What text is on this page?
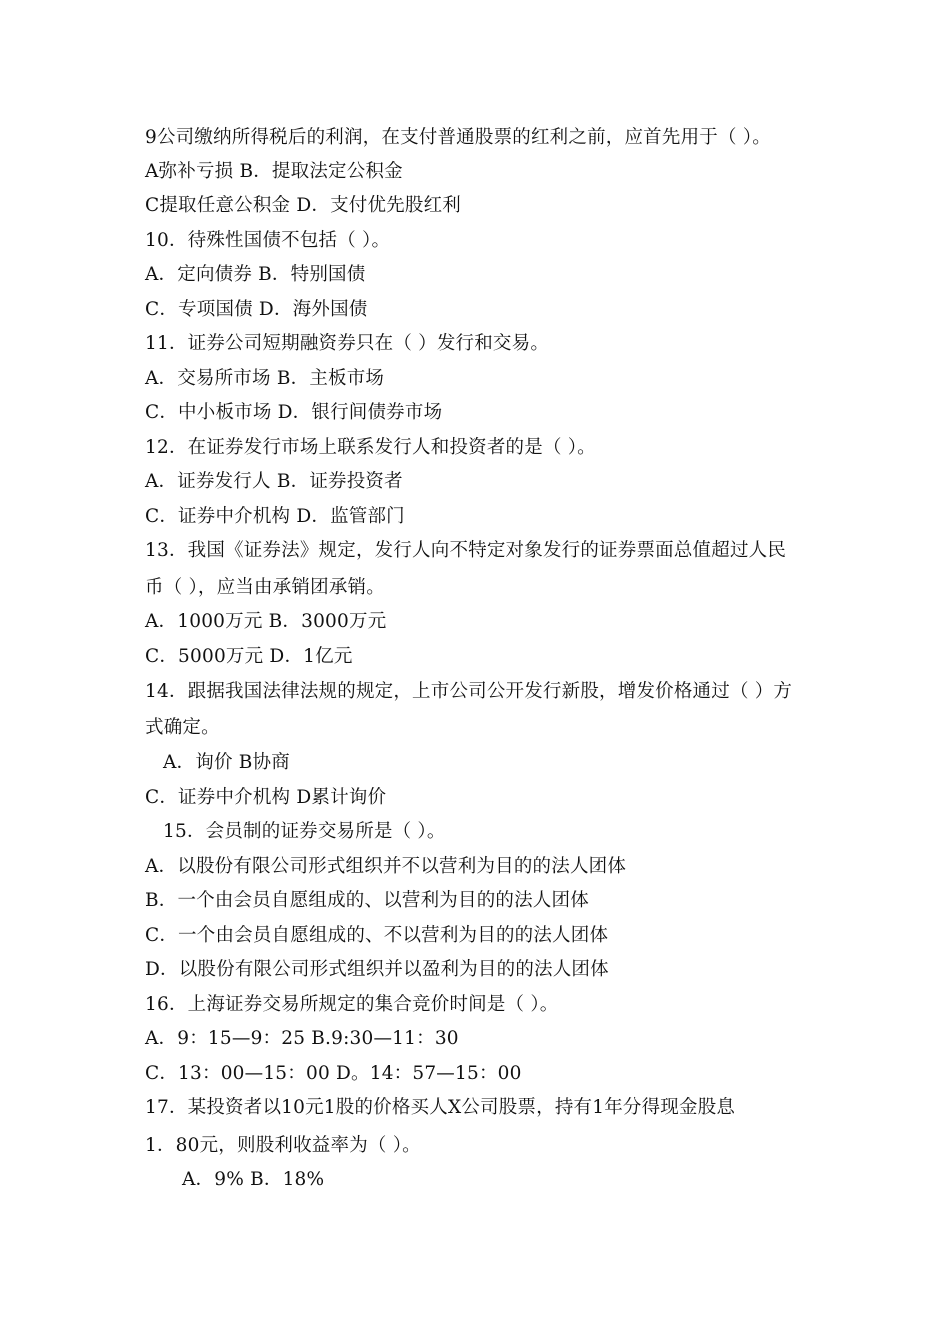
9公司缴纳所得税后的利润，在支付普通股票的红利之前，应首先用于（ ）。
A弥补亏损 B．提取法定公积金
C提取任意公积金 D．支付优先股红利
10．待殊性国债不包括（ ）。
A．定向债券 B．特别国债
C．专项国债 D．海外国债
11．证券公司短期融资券只在（ ）发行和交易。
A．交易所市场 B．主板市场
C．中小板市场 D．银行间债券市场
12．在证券发行市场上联系发行人和投资者的是（ ）。
A．证券发行人 B．证券投资者
C．证券中介机构 D．监管部门
13．我国《证券法》规定，发行人向不特定对象发行的证券票面总值超过人民
币（ ），应当由承销团承销。
A．1000万元 B．3000万元
C．5000万元 D．1亿元
14．跟据我国法律法规的规定，上市公司公开发行新股，增发价格通过（ ）方
式确定。
A．询价 B协商
C．证券中介机构 D累计询价
15．会员制的证券交易所是（ ）。
A．以股份有限公司形式组织并不以营利为目的的法人团体
B．一个由会员自愿组成的、以营利为目的的法人团体
C．一个由会员自愿组成的、不以营利为目的的法人团体
D．以股份有限公司形式组织并以盈利为目的的法人团体
16．上海证券交易所规定的集合竞价时间是（ ）。
A．9：15—9：25 B.9:30—11：30
C．13：00—15：00 D。14：57—15：00
17．某投资者以10元1股的价格买人X公司股票，持有1年分得现金股息
1．80元，则股利收益率为（ ）。
A．9% B．18%
